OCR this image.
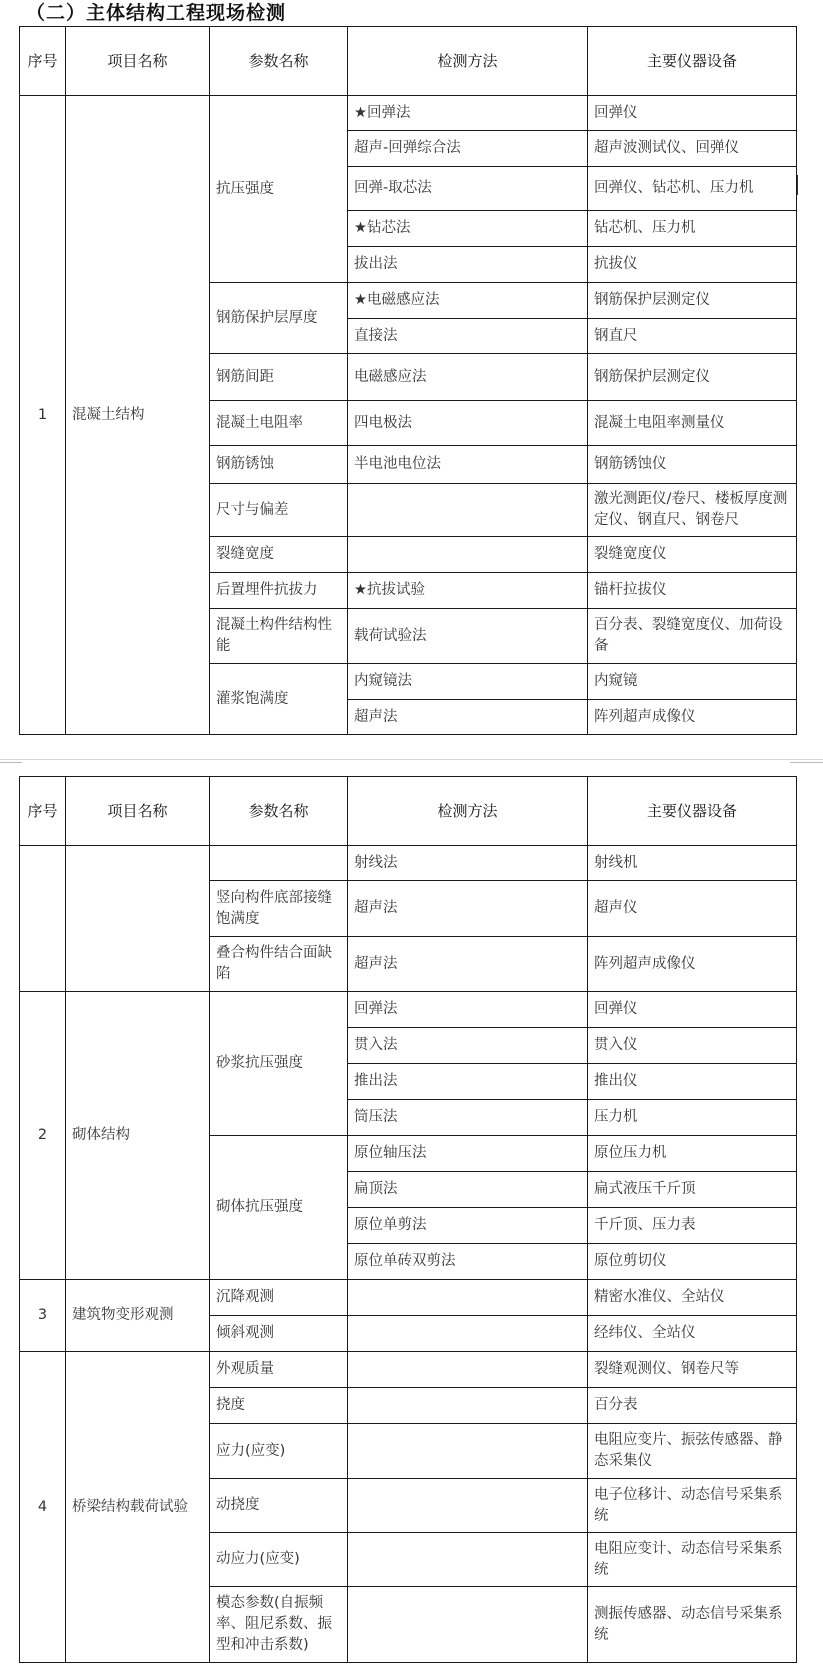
（二）主体结构工程现场检测
序号	项目名称	参数名称	检测方法	主要仪器设备
1	混凝土结构	抗压强度	★回弹法	回弹仪
			超声-回弹综合法	超声波测试仪、回弹仪
			回弹-取芯法	回弹仪、钻芯机、压力机
			★钻芯法	钻芯机、压力机
			拔出法	抗拔仪
		钢筋保护层厚度	★电磁感应法	钢筋保护层测定仪
			直接法	钢直尺
		钢筋间距	电磁感应法	钢筋保护层测定仪
		混凝土电阻率	四电极法	混凝土电阻率测量仪
		钢筋锈蚀	半电池电位法	钢筋锈蚀仪
		尺寸与偏差		激光测距仪/卷尺、楼板厚度测定仪、钢直尺、钢卷尺
		裂缝宽度		裂缝宽度仪
		后置埋件抗拔力	★抗拔试验	锚杆拉拔仪
		混凝土构件结构性能	载荷试验法	百分表、裂缝宽度仪、加荷设备
		灌浆饱满度	内窥镜法	内窥镜
			超声法	阵列超声成像仪
序号	项目名称	参数名称	检测方法	主要仪器设备
			射线法	射线机
		竖向构件底部接缝饱满度	超声法	超声仪
		叠合构件结合面缺陷	超声法	阵列超声成像仪
2	砌体结构	砂浆抗压强度	回弹法	回弹仪
			贯入法	贯入仪
			推出法	推出仪
			筒压法	压力机
		砌体抗压强度	原位轴压法	原位压力机
			扁顶法	扁式液压千斤顶
			原位单剪法	千斤顶、压力表
			原位单砖双剪法	原位剪切仪
3	建筑物变形观测	沉降观测		精密水准仪、全站仪
		倾斜观测		经纬仪、全站仪
4	桥梁结构载荷试验	外观质量		裂缝观测仪、钢卷尺等
		挠度		百分表
		应力(应变)		电阻应变片、振弦传感器、静态采集仪
		动挠度		电子位移计、动态信号采集系统
		动应力(应变)		电阻应变计、动态信号采集系统
		模态参数(自振频率、阻尼系数、振型和冲击系数)		测振传感器、动态信号采集系统
